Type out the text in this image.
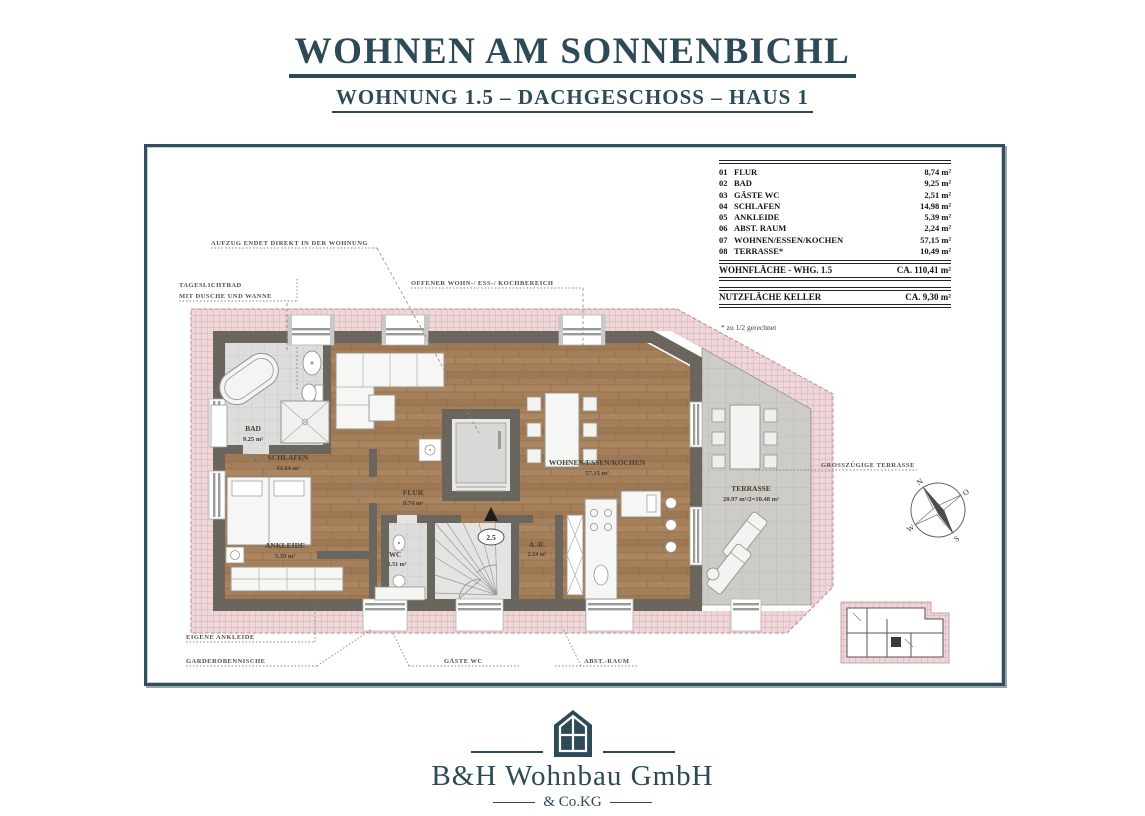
WOHNEN AM SONNENBICHL
WOHNUNG 1.5 – DACHGESCHOSS – HAUS 1
2.5
BAD
9.25 m²
SCHLAFEN
14.64 m²
ANKLEIDE
5.39 m²
FLUR
8.74 m²
WC
2.51 m²
A.-R.
2.24 m²
WOHNEN/ESSEN/KOCHEN
57.15 m²
TERRASSE
20.97 m²/2=10.48 m²
AUFZUG ENDET DIREKT IN DER WOHNUNG
TAGESLICHTBAD
MIT DUSCHE UND WANNE
OFFENER WOHN-/ ESS-/ KOCHBEREICH
GROSSZÜGIGE TERRASSE
EIGENE ANKLEIDE
GARDEROBENNISCHE	GÄSTE WC	ABST.-RAUM
N
O
S
W
01 FLUR	8,74 m²
02 BAD	9,25 m²
03 GÄSTE WC	2,51 m²
04 SCHLAFEN	14,98 m²
05 ANKLEIDE	5,39 m²
06 ABST. RAUM	2,24 m²
07 WOHNEN/ESSEN/KOCHEN	57,15 m²
08 TERRASSE*	10,49 m²
WOHNFLÄCHE - WHG. 1.5	CA. 110,41 m²
NUTZFLÄCHE KELLER	CA. 9,30 m²
* zu 1/2 gerechnet
B&H Wohnbau GmbH
& Co.KG
